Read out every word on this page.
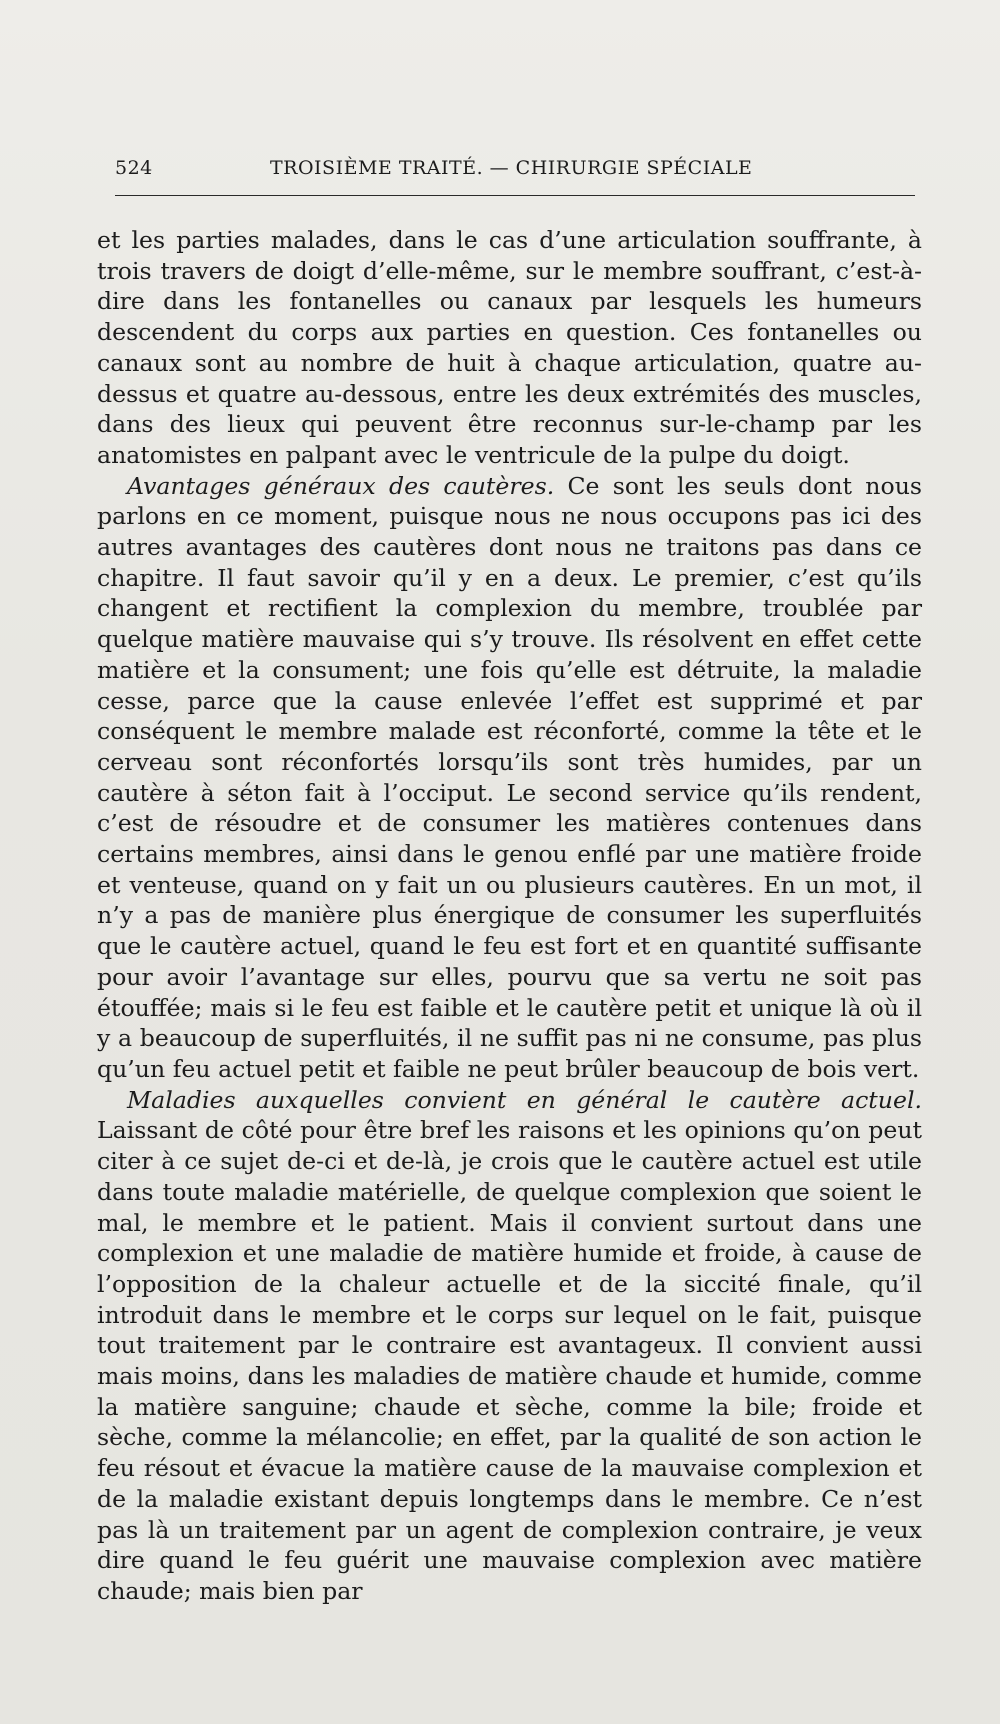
524	TROISIÈME TRAITÉ. — CHIRURGIE SPÉCIALE

et les parties malades, dans le cas d’une articulation souffrante, à trois travers de doigt d’elle-même, sur le membre souffrant, c’est-à-dire dans les fontanelles ou canaux par lesquels les humeurs descendent du corps aux parties en question. Ces fontanelles ou canaux sont au nombre de huit à chaque articulation, quatre au-dessus et quatre au-dessous, entre les deux extrémités des muscles, dans des lieux qui peuvent être reconnus sur-le-champ par les anatomistes en palpant avec le ventricule de la pulpe du doigt.

Avantages généraux des cautères. Ce sont les seuls dont nous parlons en ce moment, puisque nous ne nous occupons pas ici des autres avantages des cautères dont nous ne traitons pas dans ce chapitre. Il faut savoir qu’il y en a deux. Le premier, c’est qu’ils changent et rectifient la complexion du membre, troublée par quelque matière mauvaise qui s’y trouve. Ils résolvent en effet cette matière et la consument; une fois qu’elle est détruite, la maladie cesse, parce que la cause enlevée l’effet est supprimé et par conséquent le membre malade est réconforté, comme la tête et le cerveau sont réconfortés lorsqu’ils sont très humides, par un cautère à séton fait à l’occiput. Le second service qu’ils rendent, c’est de résoudre et de consumer les matières contenues dans certains membres, ainsi dans le genou enflé par une matière froide et venteuse, quand on y fait un ou plusieurs cautères. En un mot, il n’y a pas de manière plus énergique de consumer les superfluités que le cautère actuel, quand le feu est fort et en quantité suffisante pour avoir l’avantage sur elles, pourvu que sa vertu ne soit pas étouffée; mais si le feu est faible et le cautère petit et unique là où il y a beaucoup de superfluités, il ne suffit pas ni ne consume, pas plus qu’un feu actuel petit et faible ne peut brûler beaucoup de bois vert.

Maladies auxquelles convient en général le cautère actuel. Laissant de côté pour être bref les raisons et les opinions qu’on peut citer à ce sujet de-ci et de-là, je crois que le cautère actuel est utile dans toute maladie matérielle, de quelque complexion que soient le mal, le membre et le patient. Mais il convient surtout dans une complexion et une maladie de matière humide et froide, à cause de l’opposition de la chaleur actuelle et de la siccité finale, qu’il introduit dans le membre et le corps sur lequel on le fait, puisque tout traitement par le contraire est avantageux. Il convient aussi mais moins, dans les maladies de matière chaude et humide, comme la matière sanguine; chaude et sèche, comme la bile; froide et sèche, comme la mélancolie; en effet, par la qualité de son action le feu résout et évacue la matière cause de la mauvaise complexion et de la maladie existant depuis longtemps dans le membre. Ce n’est pas là un traitement par un agent de complexion contraire, je veux dire quand le feu guérit une mauvaise complexion avec matière chaude; mais bien par
